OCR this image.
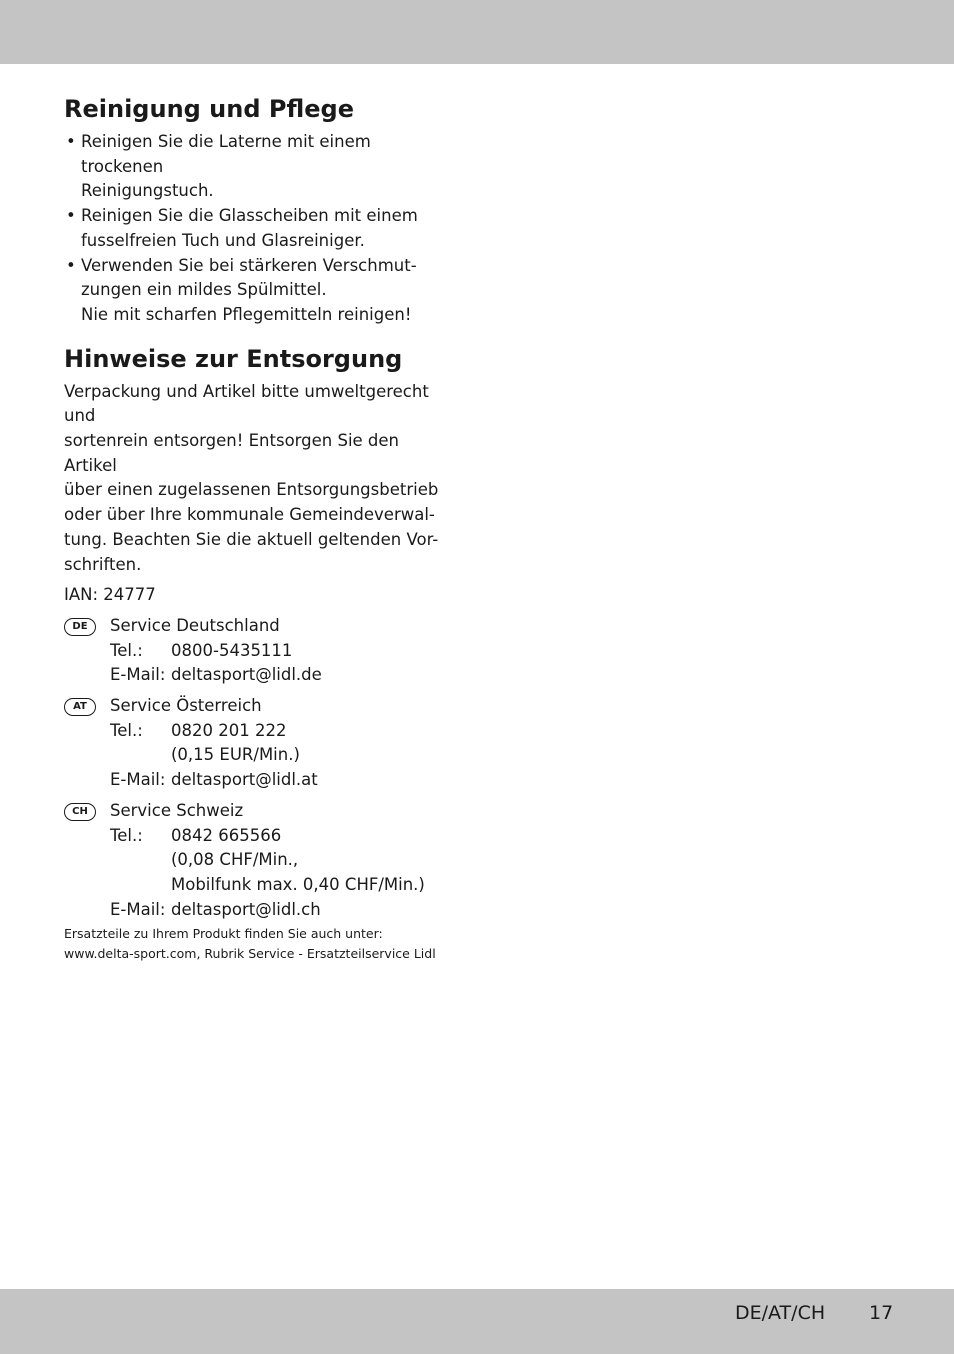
Reinigung und Pflege
• Reinigen Sie die Laterne mit einem trockenen
Reinigungstuch.
• Reinigen Sie die Glasscheiben mit einem
fusselfreien Tuch und Glasreiniger.
• Verwenden Sie bei stärkeren Verschmut-
zungen ein mildes Spülmittel.
Nie mit scharfen Pflegemitteln reinigen!
Hinweise zur Entsorgung
Verpackung und Artikel bitte umweltgerecht und
sortenrein entsorgen! Entsorgen Sie den Artikel
über einen zugelassenen Entsorgungsbetrieb
oder über Ihre kommunale Gemeindeverwal-
tung. Beachten Sie die aktuell geltenden Vor-
schriften.
IAN: 24777
DE	Service Deutschland
Tel.:	0800-5435111
E-Mail: deltasport@lidl.de
AT	Service Österreich
Tel.:	0820 201 222
(0,15 EUR/Min.)
E-Mail: deltasport@lidl.at
CH	Service Schweiz
Tel.:	0842 665566
(0,08 CHF/Min.,
Mobilfunk max. 0,40 CHF/Min.)
E-Mail: deltasport@lidl.ch
Ersatzteile zu Ihrem Produkt finden Sie auch unter:
www.delta-sport.com, Rubrik Service - Ersatzteilservice Lidl
DE/AT/CH 17
